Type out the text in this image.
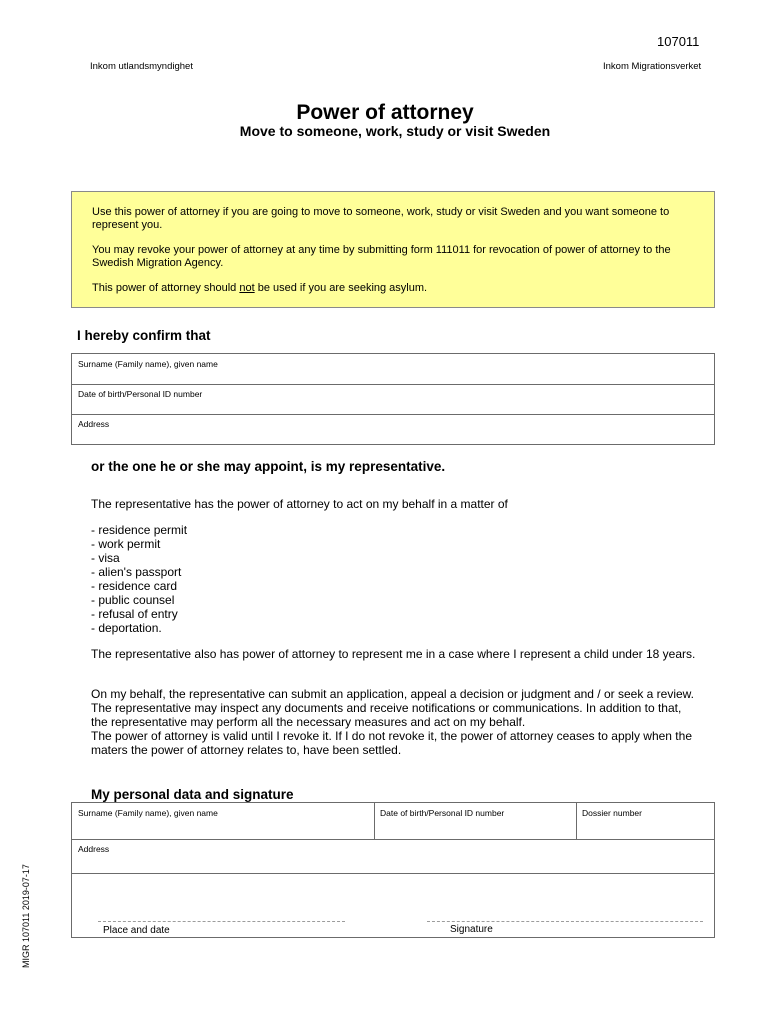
107011
Inkom utlandsmyndighet	Inkom Migrationsverket
Power of attorney
Move to someone, work, study or visit Sweden

Use this power of attorney if you are going to move to someone, work, study or visit Sweden and you want someone to represent you.

You may revoke your power of attorney at any time by submitting form 111011 for revocation of power of attorney to the Swedish Migration Agency.

This power of attorney should not be used if you are seeking asylum.

I hereby confirm that
Surname (Family name), given name
Date of birth/Personal ID number
Address
or the one he or she may appoint, is my representative.
The representative has the power of attorney to act on my behalf in a matter of
- residence permit
- work permit
- visa
- alien's passport
- residence card
- public counsel
- refusal of entry
- deportation.
The representative also has power of attorney to represent me in a case where I represent a child under 18 years.

On my behalf, the representative can submit an application, appeal a decision or judgment and / or seek a review. The representative may inspect any documents and receive notifications or communications. In addition to that, the representative may perform all the necessary measures and act on my behalf.

The power of attorney is valid until I revoke it. If I do not revoke it, the power of attorney ceases to apply when the maters the power of attorney relates to, have been settled.

My personal data and signature
Surname (Family name), given name	Date of birth/Personal ID number	Dossier number
Address
Place and date	Signature
MIGR 107011 2019-07-17
